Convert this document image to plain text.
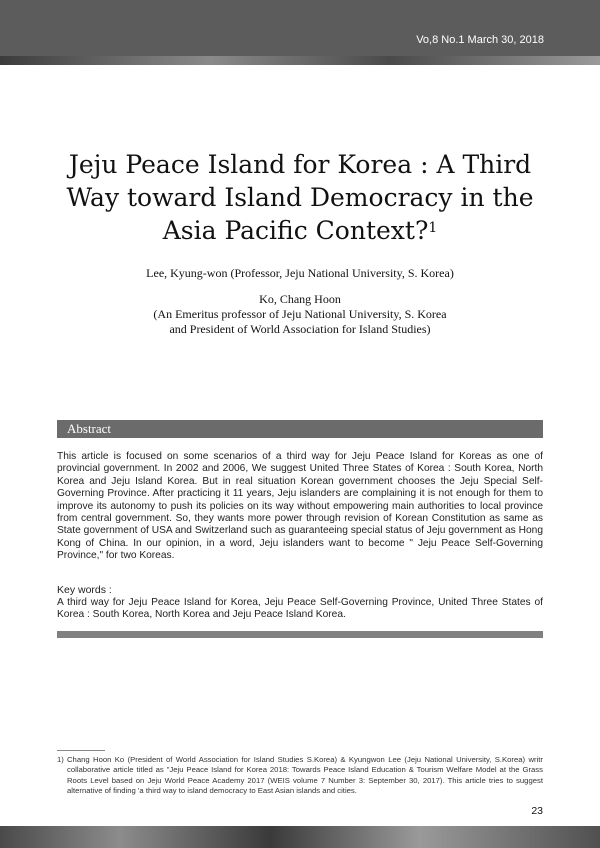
Vo,8 No.1 March 30, 2018
Jeju Peace Island for Korea : A Third
Way toward Island Democracy in the
Asia Pacific Context?$^1$
Lee, Kyung-won (Professor, Jeju National University, S. Korea)
Ko, Chang Hoon
(An Emeritus professor of Jeju National University, S. Korea
and President of World Association for Island Studies)
Abstract
This article is focused on some scenarios of a third way for Jeju Peace Island for Koreas as one of provincial government. In 2002 and 2006, We suggest United Three States of Korea : South Korea, North Korea and Jeju Island Korea. But in real situation Korean government chooses the Jeju Special Self-Governing Province. After practicing it 11 years, Jeju islanders are complaining it is not enough for them to improve its autonomy to push its policies on its way without empowering main authorities to local province from central government. So, they wants more power through revision of Korean Constitution as same as State government of USA and Switzerland such as guaranteeing special status of Jeju government as Hong Kong of China. In our opinion, in a word, Jeju islanders want to become " Jeju Peace Self-Governing Province," for two Koreas.
Key words :
A third way for Jeju Peace Island for Korea, Jeju Peace Self-Governing Province, United Three States of Korea : South Korea, North Korea and Jeju Peace Island Korea.
1) Chang Hoon Ko (President of World Association for Island Studies S.Korea) & Kyungwon Lee (Jeju National University, S.Korea) writr collaborative article titled as "Jeju Peace Island for Korea 2018: Towards Peace Island Education & Tourism Welfare Model at the Grass Roots Level based on Jeju World Peace Academy 2017 (WEIS volume 7 Number 3: September 30, 2017). This article tries to suggest alternative of finding 'a third way to island democracy to East Asian islands and cities.
23
